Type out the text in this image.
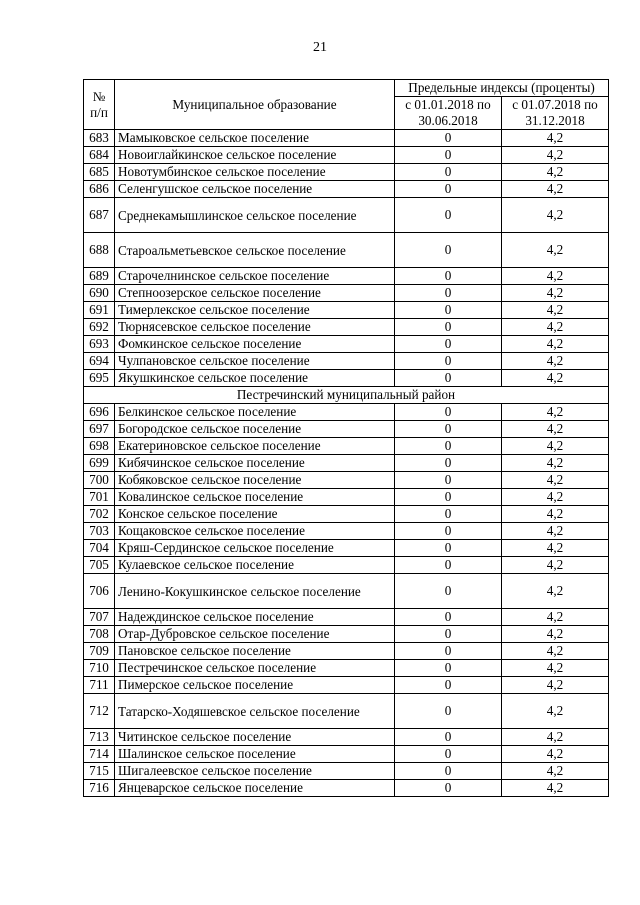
21
№ п/п	Муниципальное образование	Предельные индексы (проценты)	
		с 01.01.2018 по 30.06.2018	с 01.07.2018 по 31.12.2018
683	Мамыковское сельское поселение	0	4,2
684	Новоиглайкинское сельское поселение	0	4,2
685	Новотумбинское сельское поселение	0	4,2
686	Селенгушское сельское поселение	0	4,2
687	Среднекамышлинское сельское поселение	0	4,2
688	Староальметьевское сельское поселение	0	4,2
689	Старочелнинское сельское поселение	0	4,2
690	Степноозерское сельское поселение	0	4,2
691	Тимерлекское сельское поселение	0	4,2
692	Тюрнясевское сельское поселение	0	4,2
693	Фомкинское сельское поселение	0	4,2
694	Чулпановское сельское поселение	0	4,2
695	Якушкинское сельское поселение	0	4,2
Пестречинский муниципальный район			
696	Белкинское сельское поселение	0	4,2
697	Богородское сельское поселение	0	4,2
698	Екатериновское сельское поселение	0	4,2
699	Кибячинское сельское поселение	0	4,2
700	Кобяковское сельское поселение	0	4,2
701	Ковалинское сельское поселение	0	4,2
702	Конское сельское поселение	0	4,2
703	Кощаковское сельское поселение	0	4,2
704	Кряш-Сердинское сельское поселение	0	4,2
705	Кулаевское сельское поселение	0	4,2
706	Ленино-Кокушкинское сельское поселение	0	4,2
707	Надеждинское сельское поселение	0	4,2
708	Отар-Дубровское сельское поселение	0	4,2
709	Пановское сельское поселение	0	4,2
710	Пестречинское сельское поселение	0	4,2
711	Пимерское сельское поселение	0	4,2
712	Татарско-Ходяшевское сельское поселение	0	4,2
713	Читинское сельское поселение	0	4,2
714	Шалинское сельское поселение	0	4,2
715	Шигалеевское сельское поселение	0	4,2
716	Янцеварское сельское поселение	0	4,2
